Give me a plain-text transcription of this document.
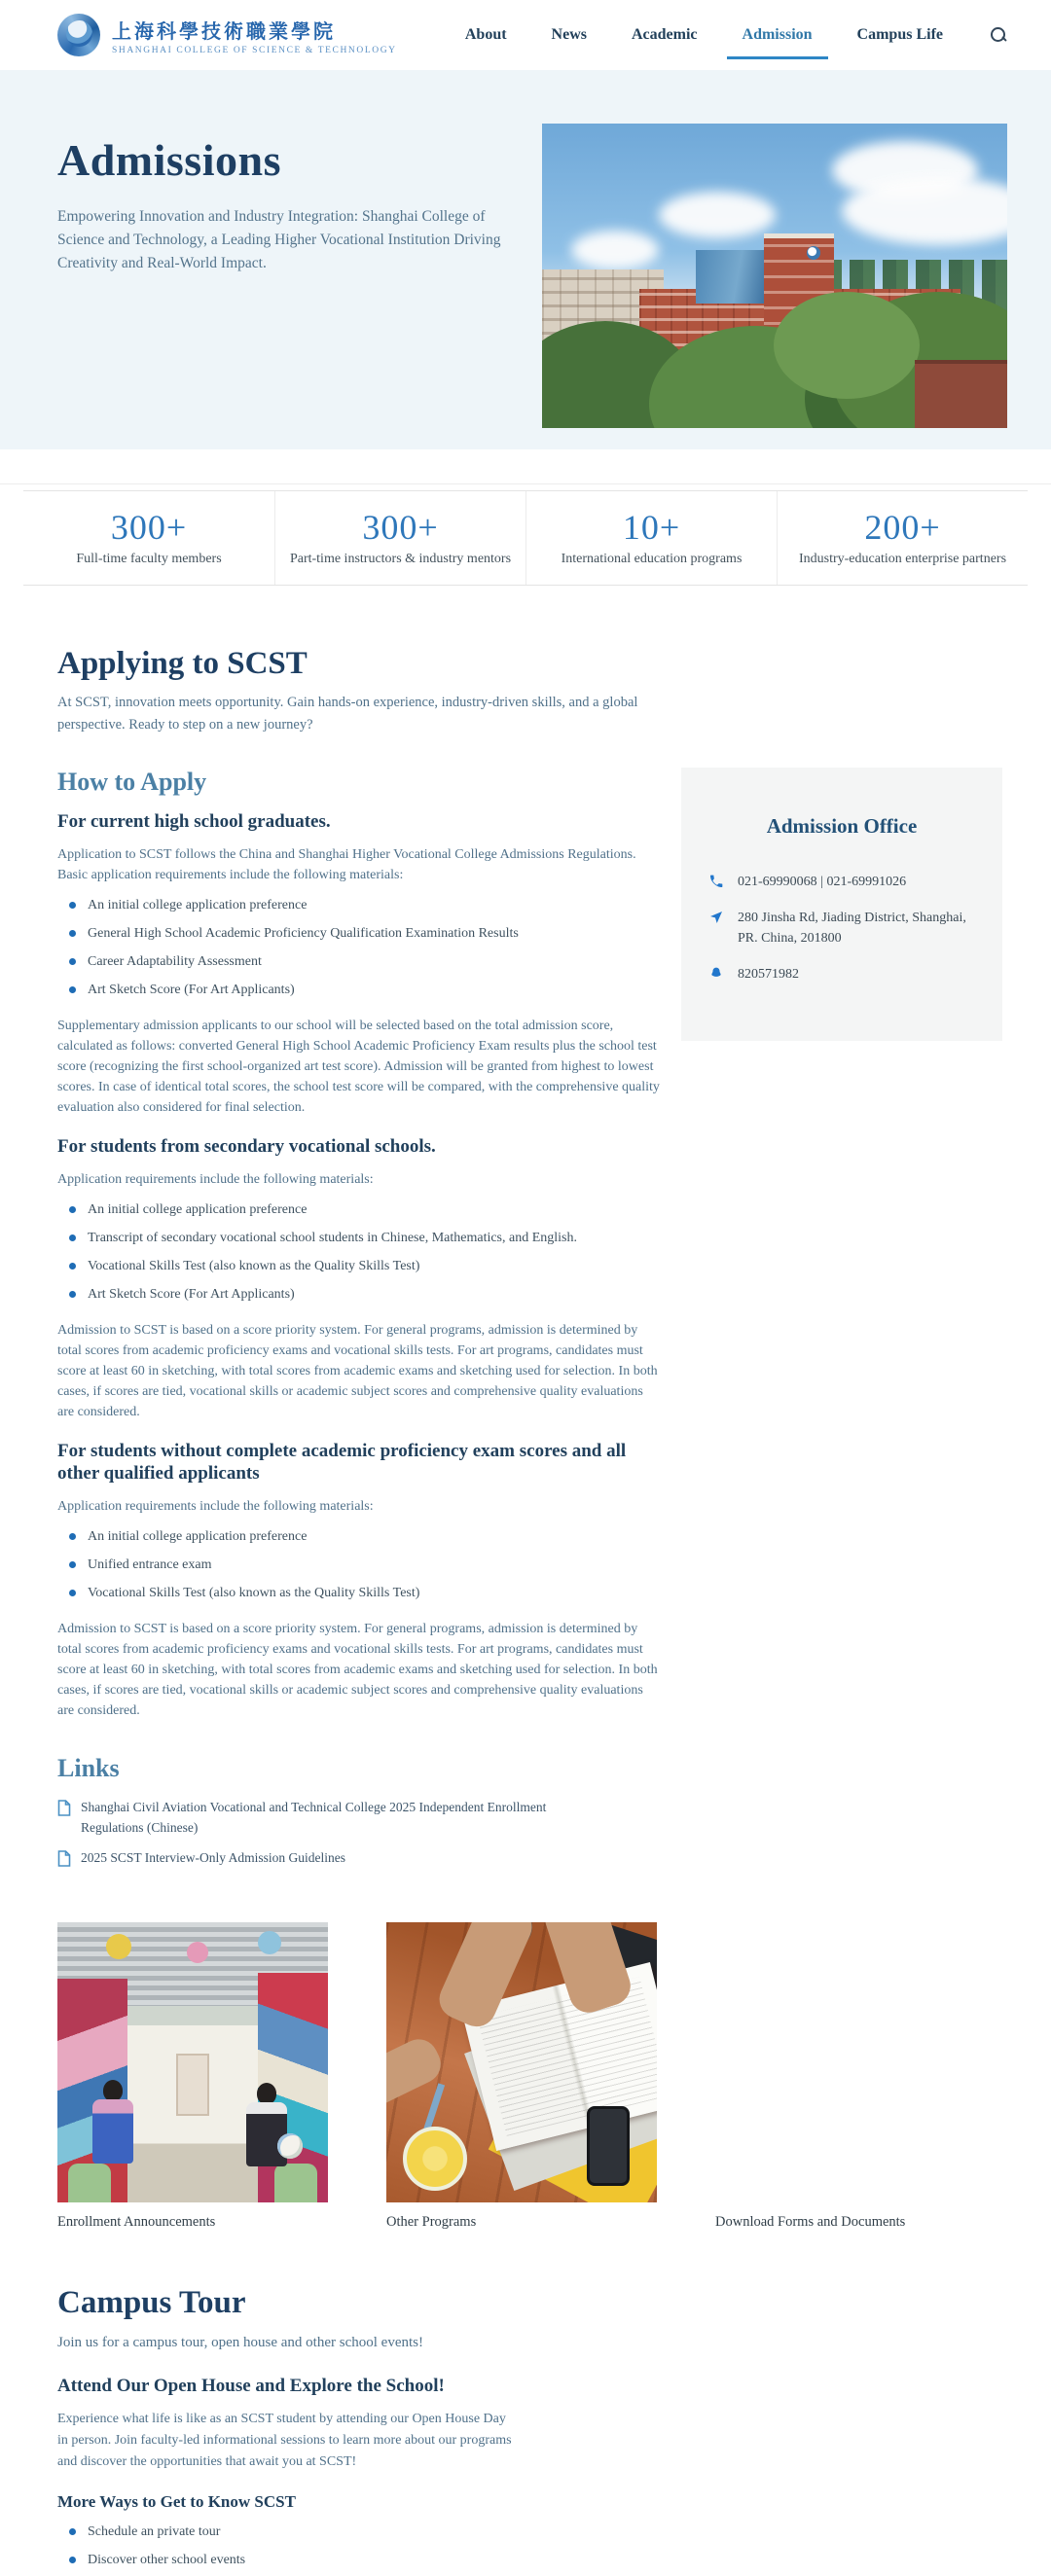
上海科學技術職業學院
SHANGHAI COLLEGE OF SCIENCE & TECHNOLOGY
About	News	Academic	Admission	Campus Life
Admissions

Empowering Innovation and Industry Integration: Shanghai College of Science and Technology, a Leading Higher Vocational Institution Driving Creativity and Real-World Impact.

300+
Full-time faculty members
300+
Part-time instructors & industry mentors
10+
International education programs
200+
Industry-education enterprise partners
Applying to SCST

At SCST, innovation meets opportunity. Gain hands-on experience, industry-driven skills, and a global perspective. Ready to step on a new journey?

How to Apply
For current high school graduates.

Application to SCST follows the China and Shanghai Higher Vocational College Admissions Regulations. Basic application requirements include the following materials:

An initial college application preference
General High School Academic Proficiency Qualification Examination Results
Career Adaptability Assessment
Art Sketch Score (For Art Applicants)

Supplementary admission applicants to our school will be selected based on the total admission score, calculated as follows: converted General High School Academic Proficiency Exam results plus the school test score (recognizing the first school-organized art test score). Admission will be granted from highest to lowest scores. In case of identical total scores, the school test score will be compared, with the comprehensive quality evaluation also considered for final selection.

For students from secondary vocational schools.

Application requirements include the following materials:

An initial college application preference
Transcript of secondary vocational school students in Chinese, Mathematics, and English.
Vocational Skills Test (also known as the Quality Skills Test)
Art Sketch Score (For Art Applicants)

Admission to SCST is based on a score priority system. For general programs, admission is determined by total scores from academic proficiency exams and vocational skills tests. For art programs, candidates must score at least 60 in sketching, with total scores from academic exams and sketching used for selection. In both cases, if scores are tied, vocational skills or academic subject scores and comprehensive quality evaluations are considered.

For students without complete academic proficiency exam scores and all other qualified applicants

Application requirements include the following materials:

An initial college application preference
Unified entrance exam
Vocational Skills Test (also known as the Quality Skills Test)

Admission to SCST is based on a score priority system. For general programs, admission is determined by total scores from academic proficiency exams and vocational skills tests. For art programs, candidates must score at least 60 in sketching, with total scores from academic exams and sketching used for selection. In both cases, if scores are tied, vocational skills or academic subject scores and comprehensive quality evaluations are considered.

Links
Shanghai Civil Aviation Vocational and Technical College 2025 Independent Enrollment Regulations (Chinese)
2025 SCST Interview-Only Admission Guidelines
Admission Office
021-69990068 | 021-69991026
280 Jinsha Rd, Jiading District, Shanghai, PR. China, 201800
820571982
Enrollment Announcements	Other Programs	Download Forms and Documents
Campus Tour

Join us for a campus tour, open house and other school events!

Attend Our Open House and Explore the School!

Experience what life is like as an SCST student by attending our Open House Day in person. Join faculty-led informational sessions to learn more about our programs and discover the opportunities that await you at SCST!

More Ways to Get to Know SCST
Schedule an private tour
Discover other school events
